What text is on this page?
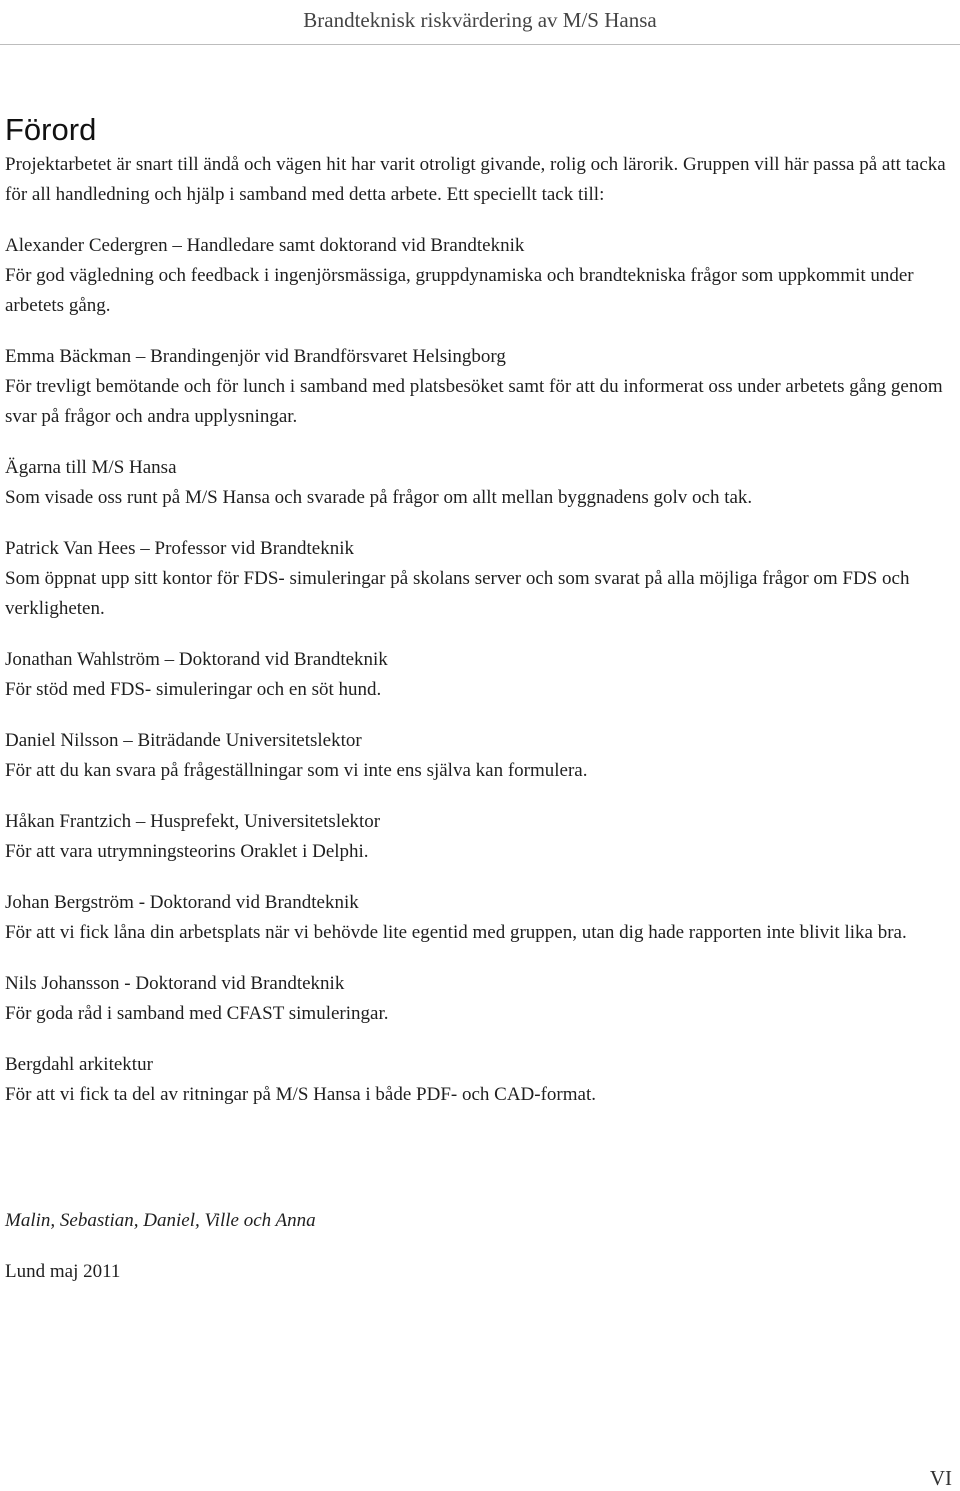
Brandteknisk riskvärdering av M/S Hansa
Förord

Projektarbetet är snart till ändå och vägen hit har varit otroligt givande, rolig och lärorik. Gruppen vill här passa på att tacka för all handledning och hjälp i samband med detta arbete. Ett speciellt tack till:

Alexander Cedergren – Handledare samt doktorand vid Brandteknik
För god vägledning och feedback i ingenjörsmässiga, gruppdynamiska och brandtekniska frågor som uppkommit under arbetets gång.
Emma Bäckman – Brandingenjör vid Brandförsvaret Helsingborg
För trevligt bemötande och för lunch i samband med platsbesöket samt för att du informerat oss under arbetets gång genom svar på frågor och andra upplysningar.
Ägarna till M/S Hansa
Som visade oss runt på M/S Hansa och svarade på frågor om allt mellan byggnadens golv och tak.
Patrick Van Hees – Professor vid Brandteknik
Som öppnat upp sitt kontor för FDS- simuleringar på skolans server och som svarat på alla möjliga frågor om FDS och verkligheten.
Jonathan Wahlström – Doktorand vid Brandteknik
För stöd med FDS- simuleringar och en söt hund.
Daniel Nilsson – Biträdande Universitetslektor
För att du kan svara på frågeställningar som vi inte ens själva kan formulera.
Håkan Frantzich – Husprefekt, Universitetslektor
För att vara utrymningsteorins Oraklet i Delphi.
Johan Bergström - Doktorand vid Brandteknik
För att vi fick låna din arbetsplats när vi behövde lite egentid med gruppen, utan dig hade rapporten inte blivit lika bra.
Nils Johansson - Doktorand vid Brandteknik
För goda råd i samband med CFAST simuleringar.
Bergdahl arkitektur
För att vi fick ta del av ritningar på M/S Hansa i både PDF- och CAD-format.
Malin, Sebastian, Daniel, Ville och Anna
Lund maj 2011
VI
